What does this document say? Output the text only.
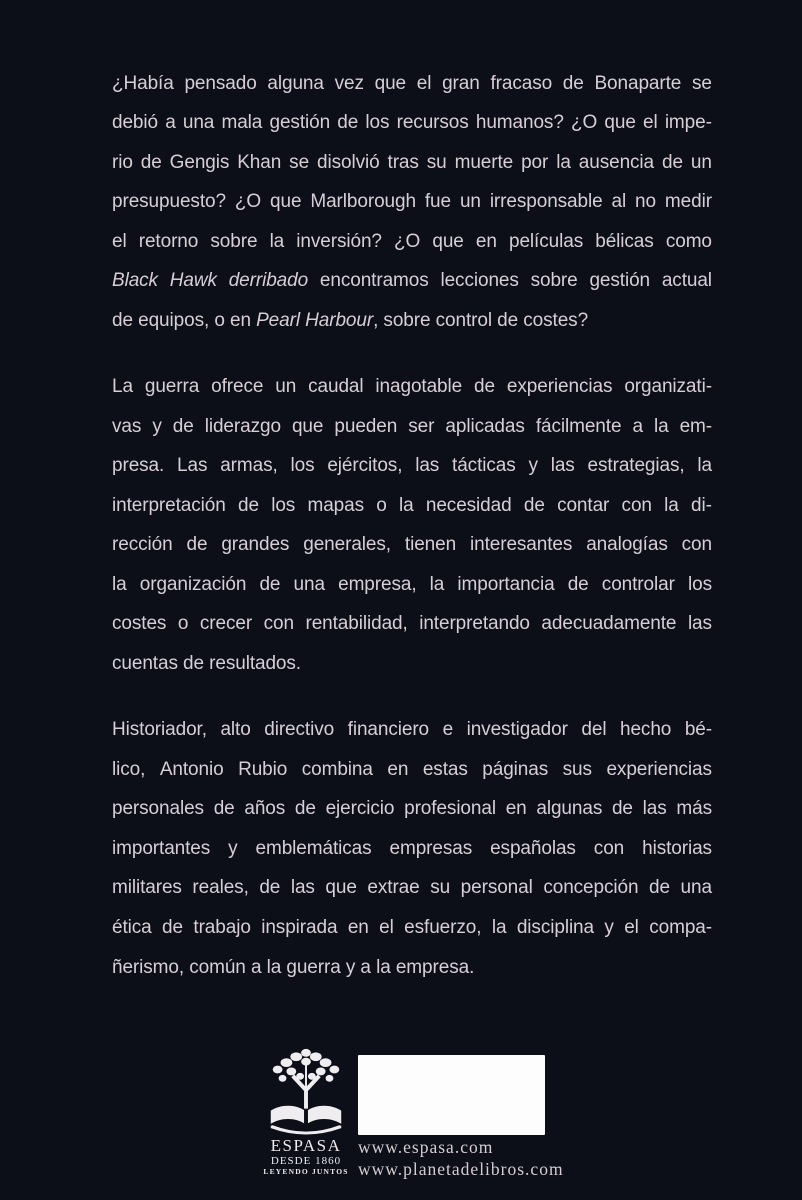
¿Había pensado alguna vez que el gran fracaso de Bonaparte se
debió a una mala gestión de los recursos humanos? ¿O que el impe-
rio de Gengis Khan se disolvió tras su muerte por la ausencia de un
presupuesto? ¿O que Marlborough fue un irresponsable al no medir
el retorno sobre la inversión? ¿O que en películas bélicas como
Black Hawk derribado encontramos lecciones sobre gestión actual
de equipos, o en Pearl Harbour, sobre control de costes?
La guerra ofrece un caudal inagotable de experiencias organizati-
vas y de liderazgo que pueden ser aplicadas fácilmente a la em-
presa. Las armas, los ejércitos, las tácticas y las estrategias, la
interpretación de los mapas o la necesidad de contar con la di-
rección de grandes generales, tienen interesantes analogías con
la organización de una empresa, la importancia de controlar los
costes o crecer con rentabilidad, interpretando adecuadamente las
cuentas de resultados.
Historiador, alto directivo financiero e investigador del hecho bé-
lico, Antonio Rubio combina en estas páginas sus experiencias
personales de años de ejercicio profesional en algunas de las más
importantes y emblemáticas empresas españolas con historias
militares reales, de las que extrae su personal concepción de una
ética de trabajo inspirada en el esfuerzo, la disciplina y el compa-
ñerismo, común a la guerra y a la empresa.
ESPASA
DESDE 1860
LEYENDO JUNTOS
www.espasa.com
www.planetadelibros.com
